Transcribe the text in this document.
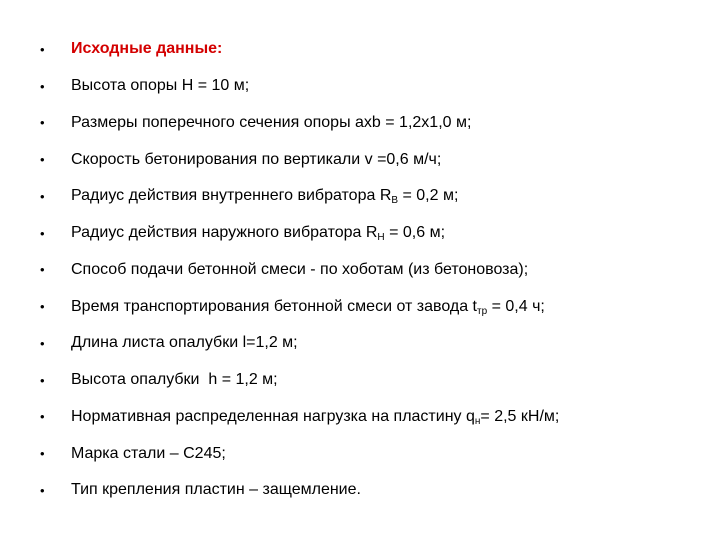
•	Исходные данные:
•	Высота опоры Н = 10 м;
•	Размеры поперечного сечения опоры axb = 1,2x1,0 м;
•	Скорость бетонирования по вертикали v =0,6 м/ч;
•	Радиус действия внутреннего вибратора $R_В = 0,2$ м;
•	Радиус действия наружного вибратора $R_Н = 0,6$ м;
•	Способ подачи бетонной смеси - по хоботам (из бетоновоза);
•	Время транспортирования бетонной смеси от завода $t_{тр} = 0,4$ ч;
•	Длина листа опалубки l=1,2 м;
•	Высота опалубки  h = 1,2 м;
•	Нормативная распределенная нагрузка на пластину $q_н= 2,5$ кН/м;
•	Марка стали – С245;
•	Тип крепления пластин – защемление.
